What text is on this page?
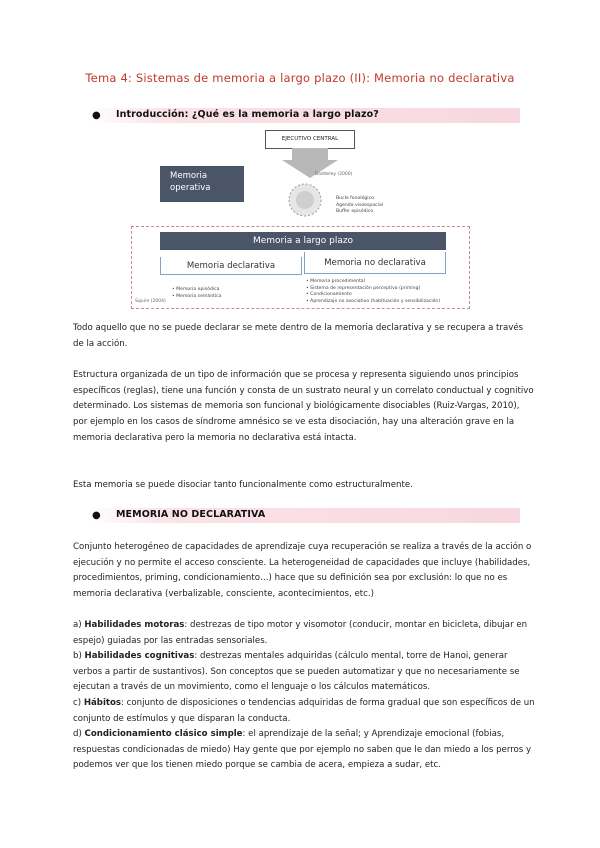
Tema 4: Sistemas de memoria a largo plazo (II): Memoria no declarativa
● Introducción: ¿Qué es la memoria a largo plazo?
EJECUTIVO CENTRAL
Memoria operativa
Baddeley (2000)
Bucle fonológico
Agenda visoespacial
Buffer episódico
Memoria a largo plazo
Memoria declarativa	Memoria no declarativa
• Memoria episódica
• Memoria semántica
• Memoria procedimental
• Sistema de representación perceptiva (priming)
• Condicionamiento
• Aprendizaje no asociativo (habituación y sensibilización)
Squire (2004)
Todo aquello que no se puede declarar se mete dentro de la memoria declarativa y se recupera a través de la acción.
Estructura organizada de un tipo de información que se procesa y representa siguiendo unos principios específicos (reglas), tiene una función y consta de un sustrato neural y un correlato conductual y cognitivo determinado. Los sistemas de memoria son funcional y biológicamente disociables (Ruiz-Vargas, 2010), por ejemplo en los casos de síndrome amnésico se ve esta disociación, hay una alteración grave en la memoria declarativa pero la memoria no declarativa está intacta.
Esta memoria se puede disociar tanto funcionalmente como estructuralmente.
● MEMORIA NO DECLARATIVA
Conjunto heterogéneo de capacidades de aprendizaje cuya recuperación se realiza a través de la acción o ejecución y no permite el acceso consciente. La heterogeneidad de capacidades que incluye (habilidades, procedimientos, priming, condicionamiento…) hace que su definición sea por exclusión: lo que no es memoria declarativa (verbalizable, consciente, acontecimientos, etc.)
a) Habilidades motoras: destrezas de tipo motor y visomotor (conducir, montar en bicicleta, dibujar en espejo) guiadas por las entradas sensoriales.
b) Habilidades cognitivas: destrezas mentales adquiridas (cálculo mental, torre de Hanoi, generar verbos a partir de sustantivos). Son conceptos que se pueden automatizar y que no necesariamente se ejecutan a través de un movimiento, como el lenguaje o los cálculos matemáticos.
c) Hábitos: conjunto de disposiciones o tendencias adquiridas de forma gradual que son específicos de un conjunto de estímulos y que disparan la conducta.
d) Condicionamiento clásico simple: el aprendizaje de la señal; y Aprendizaje emocional (fobias, respuestas condicionadas de miedo) Hay gente que por ejemplo no saben que le dan miedo a los perros y podemos ver que los tienen miedo porque se cambia de acera, empieza a sudar, etc.
